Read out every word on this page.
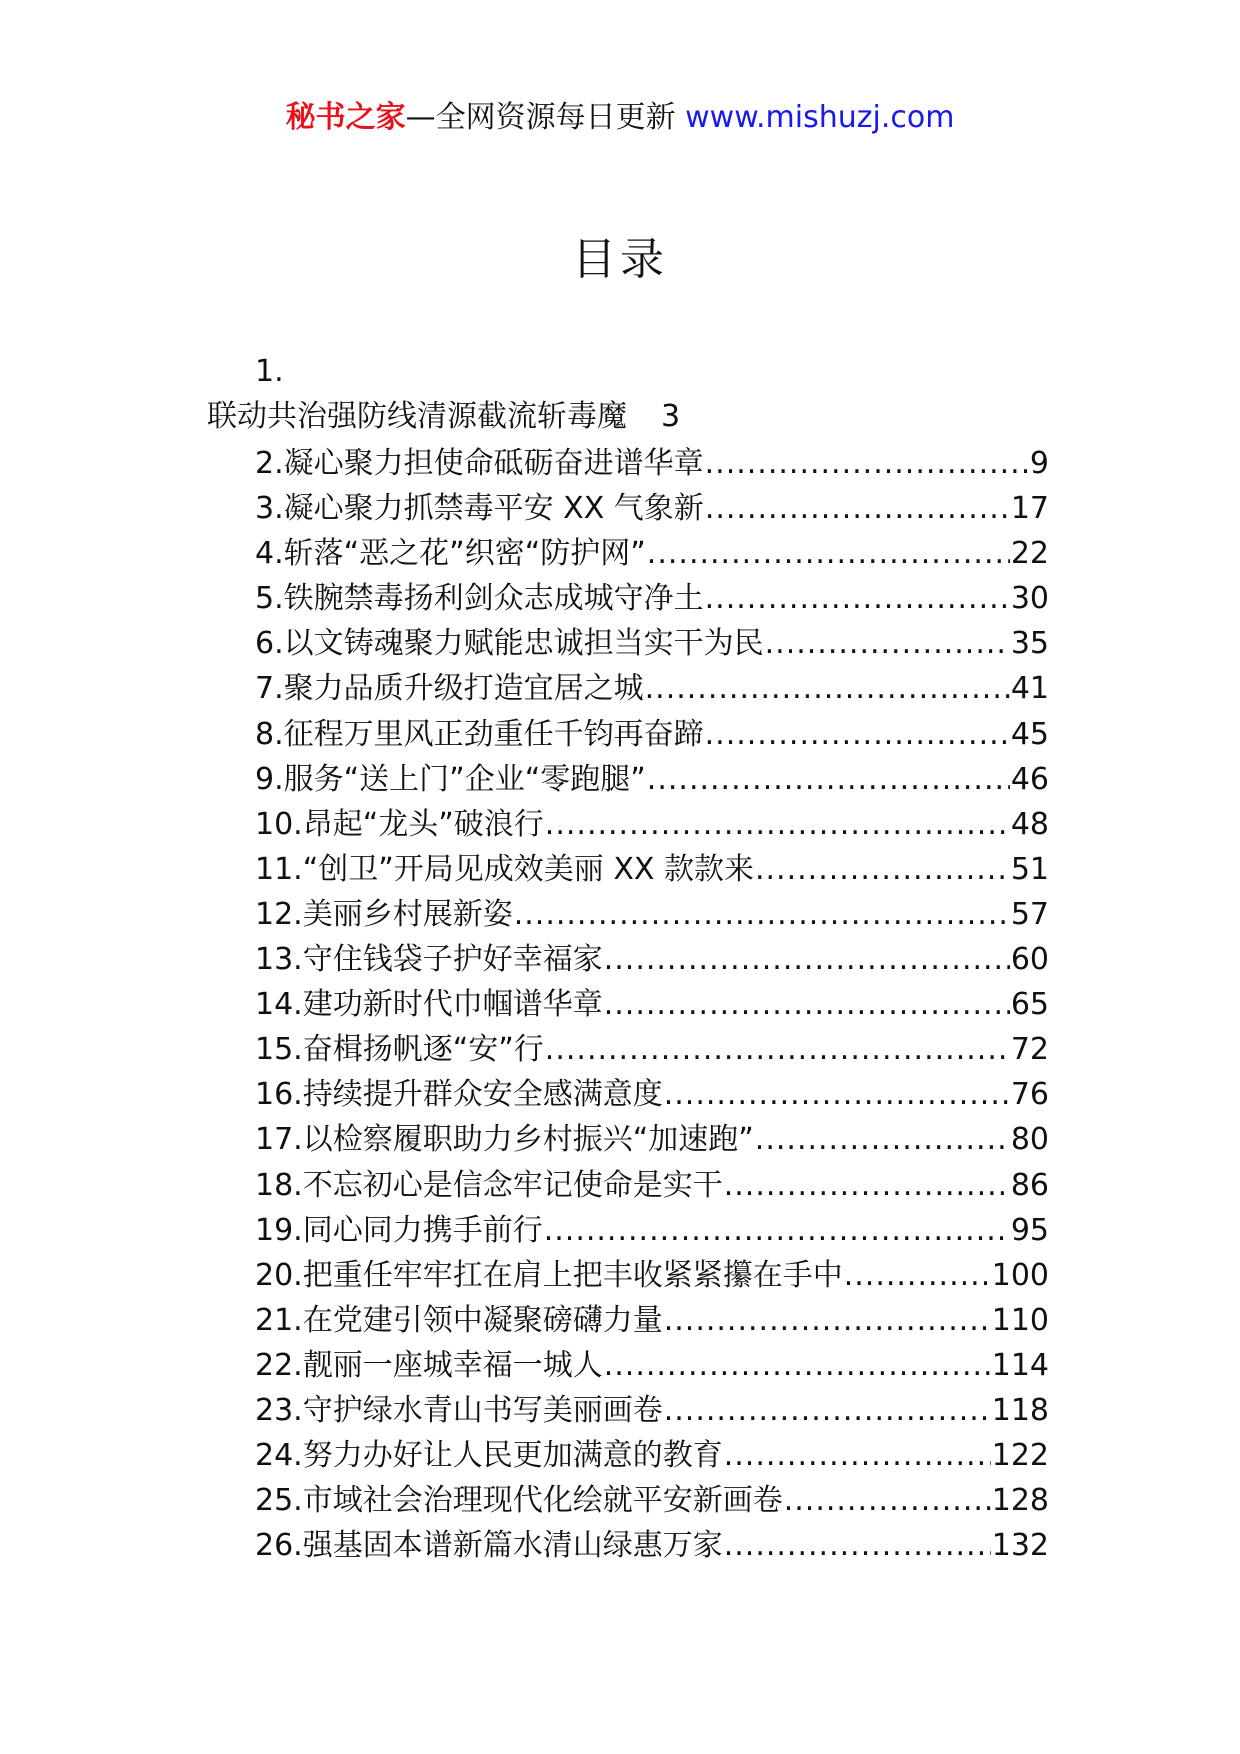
秘书之家—全网资源每日更新 www.mishuzj.com
目录
1.
联动共治强防线清源截流斩毒魔 3
2.凝心聚力担使命砥砺奋进谱华章 .....	9
3.凝心聚力抓禁毒平安 XX 气象新 .....	17
4.斩落“恶之花”织密“防护网” .....	22
5.铁腕禁毒扬利剑众志成城守净土 .....	30
6.以文铸魂聚力赋能忠诚担当实干为民 .....	35
7.聚力品质升级打造宜居之城 .....	41
8.征程万里风正劲重任千钧再奋蹄 .....	45
9.服务“送上门”企业“零跑腿” .....	46
10.昂起“龙头”破浪行 .....	48
11.“创卫”开局见成效美丽 XX 款款来 .....	51
12.美丽乡村展新姿 .....	57
13.守住钱袋子护好幸福家 .....	60
14.建功新时代巾帼谱华章 .....	65
15.奋楫扬帆逐“安”行 .....	72
16.持续提升群众安全感满意度 .....	76
17.以检察履职助力乡村振兴“加速跑” .....	80
18.不忘初心是信念牢记使命是实干 .....	86
19.同心同力携手前行 .....	95
20.把重任牢牢扛在肩上把丰收紧紧攥在手中 .....	100
21.在党建引领中凝聚磅礴力量 .....	110
22.靓丽一座城幸福一城人 .....	114
23.守护绿水青山书写美丽画卷 .....	118
24.努力办好让人民更加满意的教育 .....	122
25.市域社会治理现代化绘就平安新画卷 .....	128
26.强基固本谱新篇水清山绿惠万家 .....	132
